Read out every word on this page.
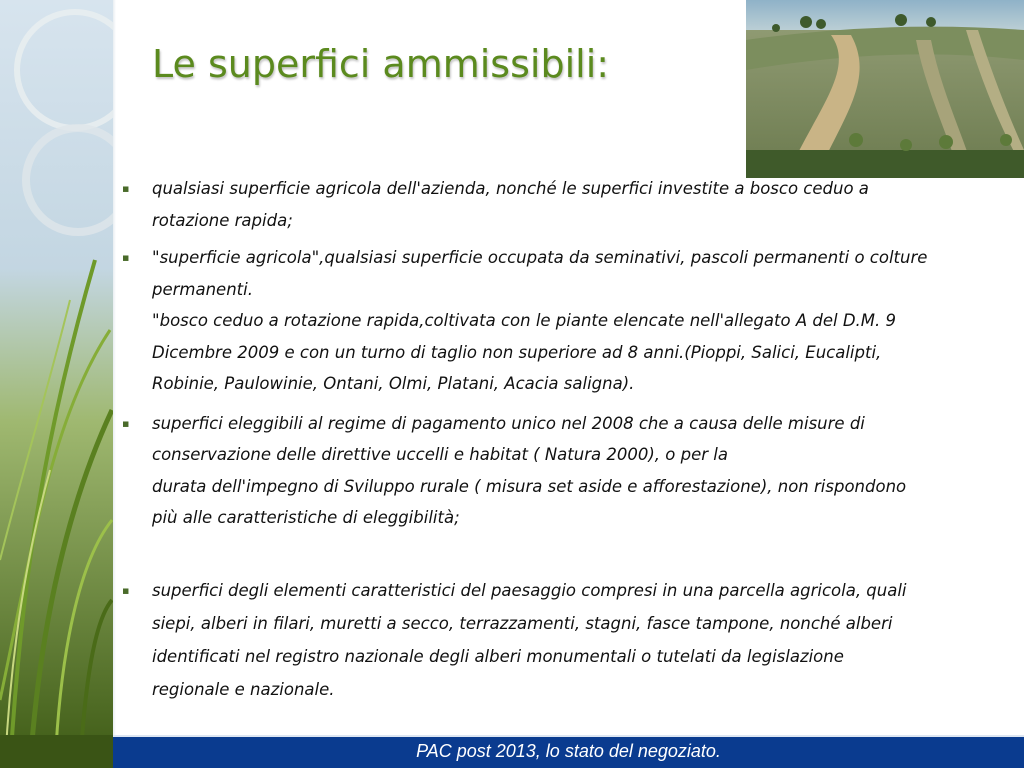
Le superfici ammissibili:
▪ qualsiasi superficie agricola dell'azienda, nonché le superfici investite a bosco ceduo a
rotazione rapida;
▪ "superficie agricola",qualsiasi superficie occupata da seminativi, pascoli permanenti o colture
permanenti.
"bosco ceduo a rotazione rapida,coltivata con le piante elencate nell'allegato A del D.M. 9
Dicembre 2009 e con un turno di taglio non superiore ad 8 anni.(Pioppi, Salici, Eucalipti,
Robinie, Paulowinie, Ontani, Olmi, Platani, Acacia saligna).
▪ superfici eleggibili al regime di pagamento unico nel 2008 che a causa delle misure di
conservazione delle direttive uccelli e habitat ( Natura 2000), o per la
durata dell'impegno di Sviluppo rurale ( misura set aside e afforestazione), non rispondono
più alle caratteristiche di eleggibilità;
▪ superfici degli elementi caratteristici del paesaggio compresi in una parcella agricola, quali
siepi, alberi in filari, muretti a secco, terrazzamenti, stagni, fasce tampone, nonché alberi
identificati nel registro nazionale degli alberi monumentali o tutelati da legislazione
regionale e nazionale.
PAC post 2013, lo stato del negoziato.
